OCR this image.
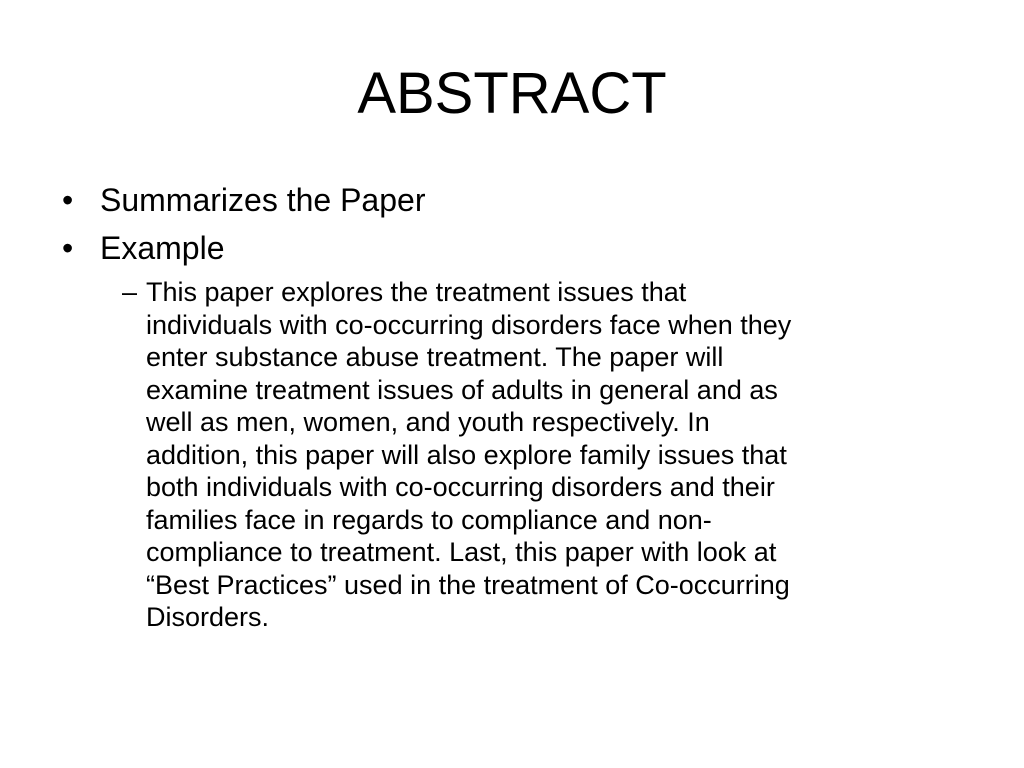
ABSTRACT
• Summarizes the Paper
• Example
– This paper explores the treatment issues that
individuals with co-occurring disorders face when they
enter substance abuse treatment. The paper will
examine treatment issues of adults in general and as
well as men, women, and youth respectively. In
addition, this paper will also explore family issues that
both individuals with co-occurring disorders and their
families face in regards to compliance and non-
compliance to treatment. Last, this paper with look at
“Best Practices” used in the treatment of Co-occurring
Disorders.
